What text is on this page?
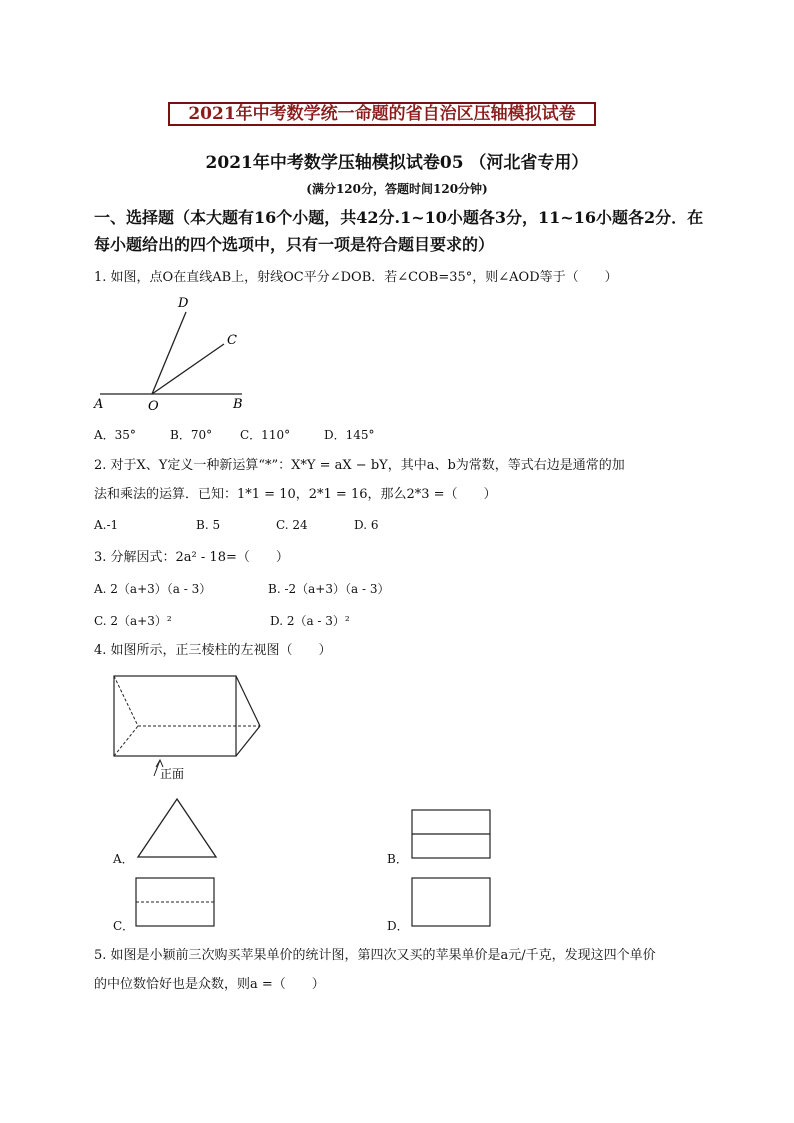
2021年中考数学统一命题的省自治区压轴模拟试卷
2021年中考数学压轴模拟试卷05 （河北省专用）
(满分120分，答题时间120分钟)
一、选择题（本大题有16个小题，共42分.1~10小题各3分，11~16小题各2分．在每小题给出的四个选项中，只有一项是符合题目要求的）
1. 如图，点O在直线AB上，射线OC平分∠DOB．若∠COB=35°，则∠AOD等于（　　）
D
C
A	O	B
A．35°	B．70° C．110°	D．145°
2. 对于X、Y定义一种新运算“*”：X*Y = aX − bY，其中a、b为常数，等式右边是通常的加
法和乘法的运算．已知：1*1 = 10，2*1 = 16，那么2*3 =（　　）
A.-1	B. 5	C. 24	D. 6
3. 分解因式：2a² - 18=（　　）
A. 2（a+3）（a - 3）	B. -2（a+3）（a - 3）
C. 2（a+3）²	D. 2（a - 3）²
4. 如图所示，正三棱柱的左视图（　　）
正面
A．	B．
C．	D．
5. 如图是小颖前三次购买苹果单价的统计图，第四次又买的苹果单价是a元/千克，发现这四个单价
的中位数恰好也是众数，则a =（　　）
